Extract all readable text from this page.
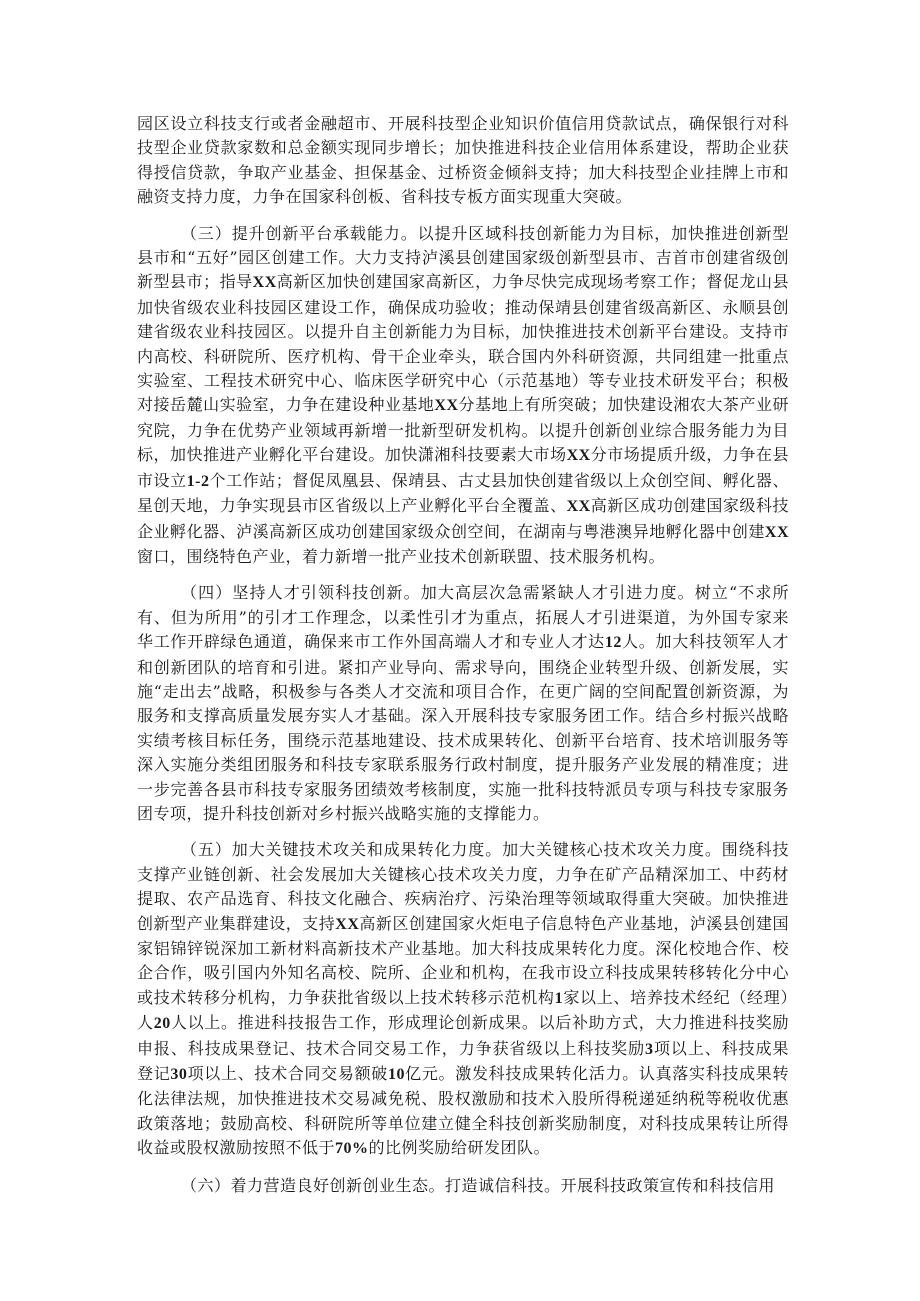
园区设立科技支行或者金融超市、开展科技型企业知识价值信用贷款试点，确保银行对科技型企业贷款家数和总金额实现同步增长；加快推进科技企业信用体系建设，帮助企业获得授信贷款，争取产业基金、担保基金、过桥资金倾斜支持；加大科技型企业挂牌上市和融资支持力度，力争在国家科创板、省科技专板方面实现重大突破。

（三）提升创新平台承载能力。以提升区域科技创新能力为目标，加快推进创新型县市和“五好”园区创建工作。大力支持泸溪县创建国家级创新型县市、吉首市创建省级创新型县市；指导XX高新区加快创建国家高新区，力争尽快完成现场考察工作；督促龙山县加快省级农业科技园区建设工作，确保成功验收；推动保靖县创建省级高新区、永顺县创建省级农业科技园区。以提升自主创新能力为目标，加快推进技术创新平台建设。支持市内高校、科研院所、医疗机构、骨干企业牵头，联合国内外科研资源，共同组建一批重点实验室、工程技术研究中心、临床医学研究中心（示范基地）等专业技术研发平台；积极对接岳麓山实验室，力争在建设种业基地XX分基地上有所突破；加快建设湘农大茶产业研究院，力争在优势产业领域再新增一批新型研发机构。以提升创新创业综合服务能力为目标，加快推进产业孵化平台建设。加快潇湘科技要素大市场XX分市场提质升级，力争在县市设立1-2个工作站；督促凤凰县、保靖县、古丈县加快创建省级以上众创空间、孵化器、星创天地，力争实现县市区省级以上产业孵化平台全覆盖、XX高新区成功创建国家级科技企业孵化器、泸溪高新区成功创建国家级众创空间，在湖南与粤港澳异地孵化器中创建XX窗口，围绕特色产业，着力新增一批产业技术创新联盟、技术服务机构。

（四）坚持人才引领科技创新。加大高层次急需紧缺人才引进力度。树立“不求所有、但为所用”的引才工作理念，以柔性引才为重点，拓展人才引进渠道，为外国专家来华工作开辟绿色通道，确保来市工作外国高端人才和专业人才达12人。加大科技领军人才和创新团队的培育和引进。紧扣产业导向、需求导向，围绕企业转型升级、创新发展，实施“走出去”战略，积极参与各类人才交流和项目合作，在更广阔的空间配置创新资源，为服务和支撑高质量发展夯实人才基础。深入开展科技专家服务团工作。结合乡村振兴战略实绩考核目标任务，围绕示范基地建设、技术成果转化、创新平台培育、技术培训服务等深入实施分类组团服务和科技专家联系服务行政村制度，提升服务产业发展的精准度；进一步完善各县市科技专家服务团绩效考核制度，实施一批科技特派员专项与科技专家服务团专项，提升科技创新对乡村振兴战略实施的支撑能力。

（五）加大关键技术攻关和成果转化力度。加大关键核心技术攻关力度。围绕科技支撑产业链创新、社会发展加大关键核心技术攻关力度，力争在矿产品精深加工、中药材提取、农产品选育、科技文化融合、疾病治疗、污染治理等领域取得重大突破。加快推进创新型产业集群建设，支持XX高新区创建国家火炬电子信息特色产业基地，泸溪县创建国家铝锦锌锐深加工新材料高新技术产业基地。加大科技成果转化力度。深化校地合作、校企合作，吸引国内外知名高校、院所、企业和机构，在我市设立科技成果转移转化分中心或技术转移分机构，力争获批省级以上技术转移示范机构1家以上、培养技术经纪（经理）人20人以上。推进科技报告工作，形成理论创新成果。以后补助方式，大力推进科技奖励申报、科技成果登记、技术合同交易工作，力争获省级以上科技奖励3项以上、科技成果登记30项以上、技术合同交易额破10亿元。激发科技成果转化活力。认真落实科技成果转化法律法规，加快推进技术交易减免税、股权激励和技术入股所得税递延纳税等税收优惠政策落地；鼓励高校、科研院所等单位建立健全科技创新奖励制度，对科技成果转让所得收益或股权激励按照不低于70%的比例奖励给研发团队。

（六）着力营造良好创新创业生态。打造诚信科技。开展科技政策宣传和科技信用
